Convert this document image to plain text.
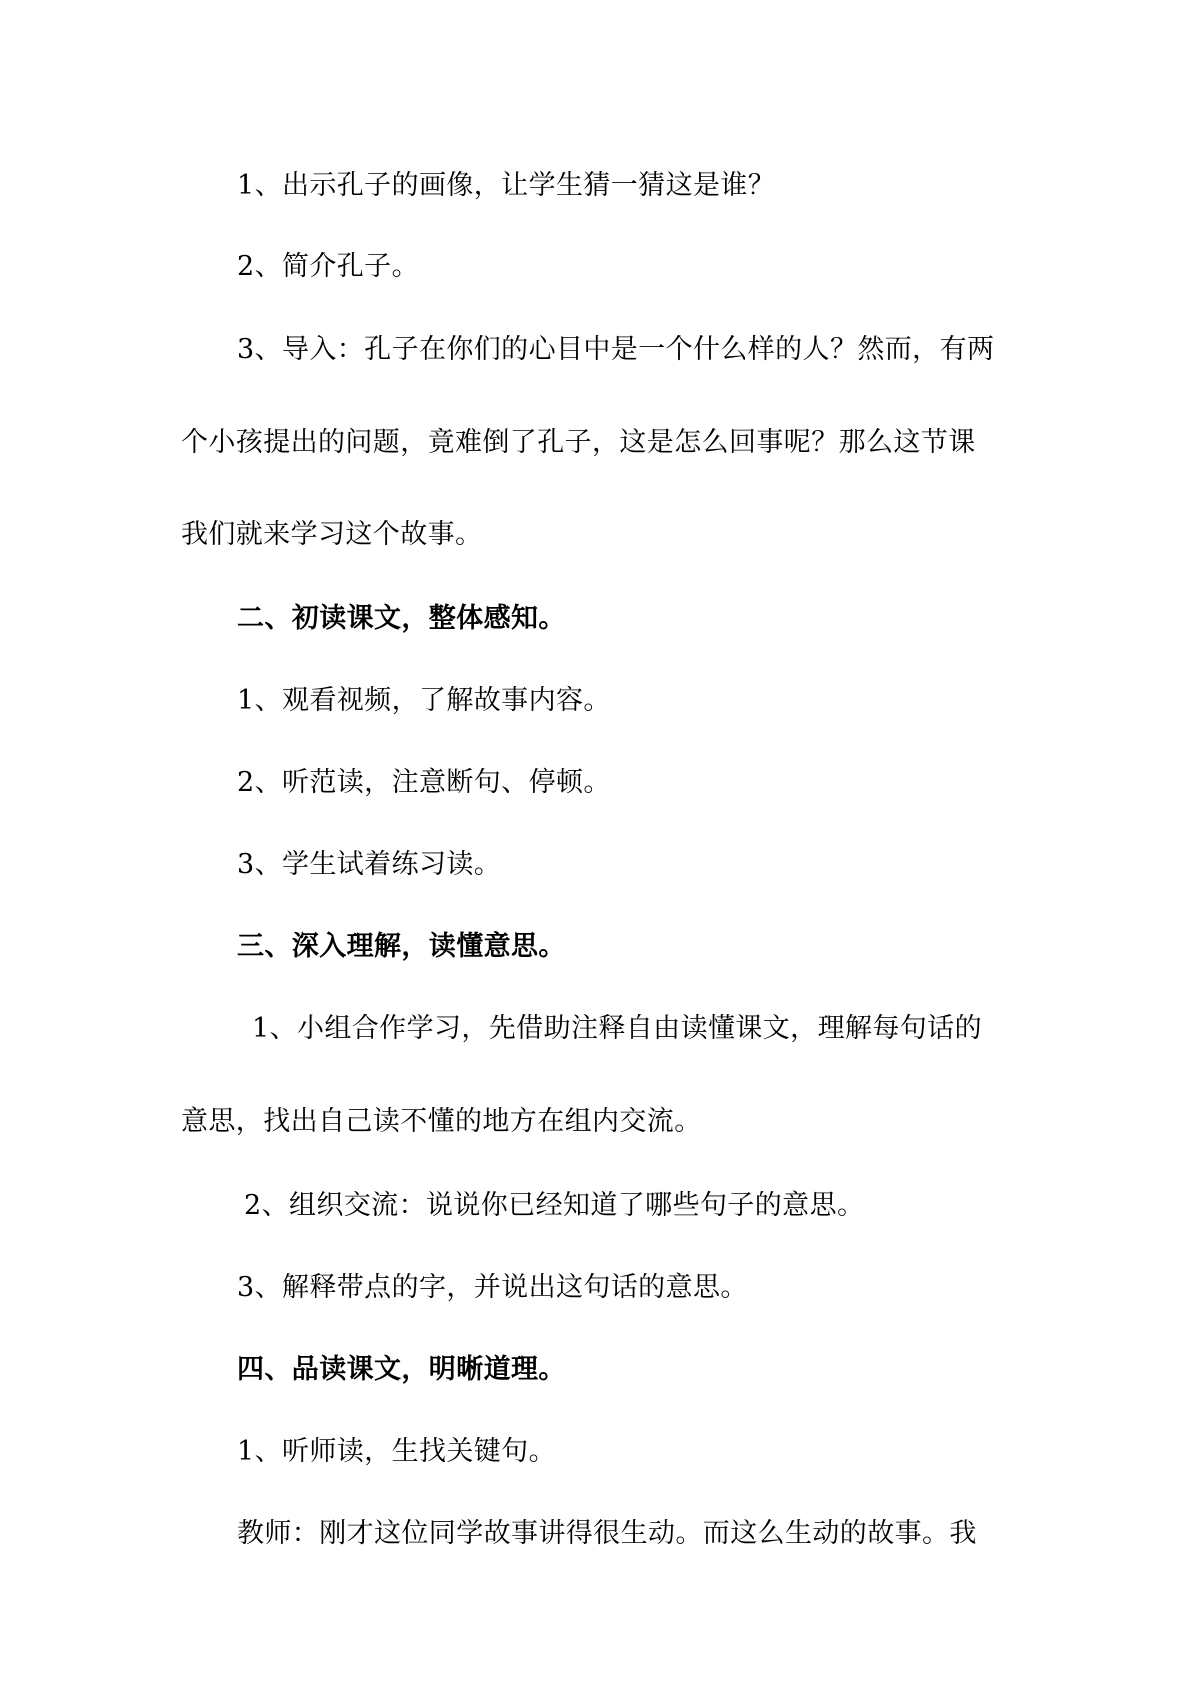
1、出示孔子的画像，让学生猜一猜这是谁？
2、简介孔子。
3、导入：孔子在你们的心目中是一个什么样的人？然而，有两
个小孩提出的问题，竟难倒了孔子，这是怎么回事呢？那么这节课
我们就来学习这个故事。
二、初读课文，整体感知。
1、观看视频，了解故事内容。
2、听范读，注意断句、停顿。
3、学生试着练习读。
三、深入理解，读懂意思。
1、小组合作学习，先借助注释自由读懂课文，理解每句话的
意思，找出自己读不懂的地方在组内交流。
2、组织交流：说说你已经知道了哪些句子的意思。
3、解释带点的字，并说出这句话的意思。
四、品读课文，明晰道理。
1、听师读，生找关键句。
教师：刚才这位同学故事讲得很生动。而这么生动的故事。我
